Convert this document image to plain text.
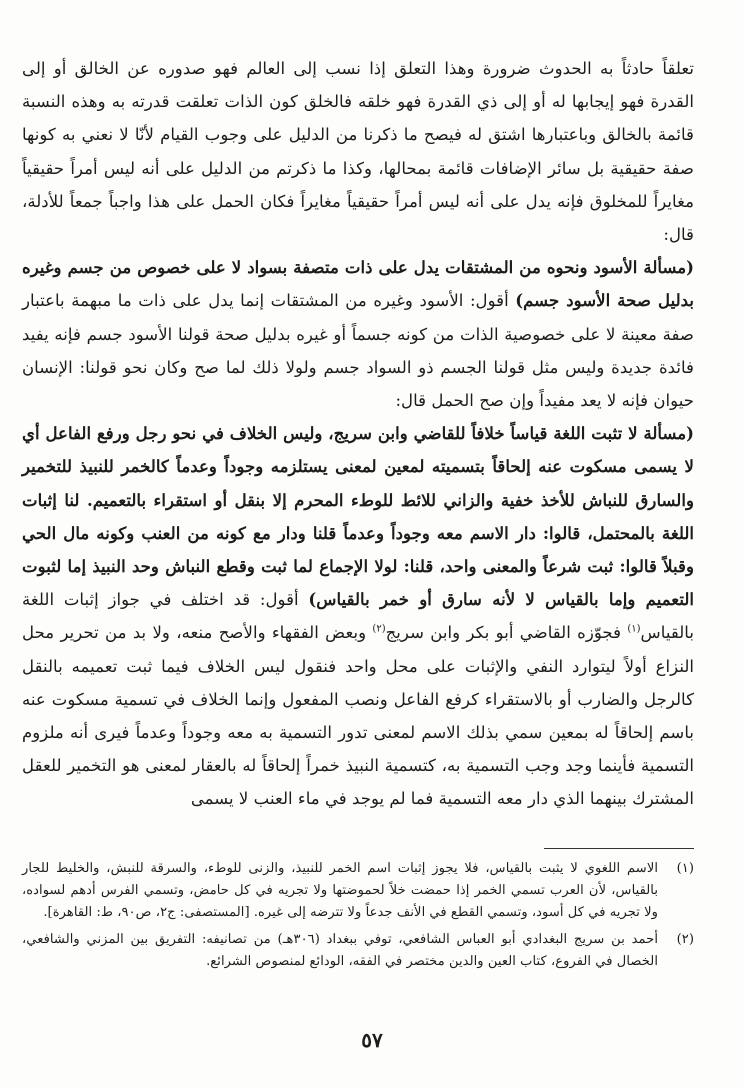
تعلقاً حادثاً به الحدوث ضرورة وهذا التعلق إذا نسب إلى العالم فهو صدوره عن الخالق أو إلى القدرة فهو إيجابها له أو إلى ذي القدرة فهو خلقه فالخلق كون الذات تعلقت قدرته به وهذه النسبة قائمة بالخالق وباعتبارها اشتق له فيصح ما ذكرنا من الدليل على وجوب القيام لأنّا لا نعني به كونها صفة حقيقية بل سائر الإضافات قائمة بمحالها، وكذا ما ذكرتم من الدليل على أنه ليس أمراً حقيقياً مغايراً للمخلوق فإنه يدل على أنه ليس أمراً حقيقياً مغايراً فكان الحمل على هذا واجباً جمعاً للأدلة، قال:

(مسألة الأسود ونحوه من المشتقات يدل على ذات متصفة بسواد لا على خصوص من جسم وغيره بدليل صحة الأسود جسم) أقول: الأسود وغيره من المشتقات إنما يدل على ذات ما مبهمة باعتبار صفة معينة لا على خصوصية الذات من كونه جسماً أو غيره بدليل صحة قولنا الأسود جسم فإنه يفيد فائدة جديدة وليس مثل قولنا الجسم ذو السواد جسم ولولا ذلك لما صح وكان نحو قولنا: الإنسان حيوان فإنه لا يعد مفيداً وإن صح الحمل قال:

(مسألة لا تثبت اللغة قياساً خلافاً للقاضي وابن سريج، وليس الخلاف في نحو رجل ورفع الفاعل أي لا يسمى مسكوت عنه إلحاقاً بتسميته لمعين لمعنى يستلزمه وجوداً وعدماً كالخمر للنبيذ للتخمير والسارق للنباش للأخذ خفية والزاني للائط للوطء المحرم إلا بنقل أو استقراء بالتعميم. لنا إثبات اللغة بالمحتمل، قالوا: دار الاسم معه وجوداً وعدماً قلنا ودار مع كونه من العنب وكونه مال الحي وقبلاً قالوا: ثبت شرعاً والمعنى واحد، قلنا: لولا الإجماع لما ثبت وقطع النباش وحد النبيذ إما لثبوت التعميم وإما بالقياس لا لأنه سارق أو خمر بالقياس) أقول: قد اختلف في جواز إثبات اللغة بالقياس$^{(١)}$ فجوّزه القاضي أبو بكر وابن سريج$^{(٢)}$ وبعض الفقهاء والأصح منعه، ولا بد من تحرير محل النزاع أولاً ليتوارد النفي والإثبات على محل واحد فنقول ليس الخلاف فيما ثبت تعميمه بالنقل كالرجل والضارب أو بالاستقراء كرفع الفاعل ونصب المفعول وإنما الخلاف في تسمية مسكوت عنه باسم إلحاقاً له بمعين سمي بذلك الاسم لمعنى تدور التسمية به معه وجوداً وعدماً فيرى أنه ملزوم التسمية فأينما وجد وجب التسمية به، كتسمية النبيذ خمراً إلحاقاً له بالعقار لمعنى هو التخمير للعقل المشترك بينهما الذي دار معه التسمية فما لم يوجد في ماء العنب لا يسمى

(١)
الاسم اللغوي لا يثبت بالقياس، فلا يجوز إثبات اسم الخمر للنبيذ، والزنى للوطء، والسرقة للنبش، والخليط للجار بالقياس، لأن العرب تسمي الخمر إذا حمضت خلاً لحموضتها ولا تجريه في كل حامض، وتسمي الفرس أدهم لسواده، ولا تجريه في كل أسود، وتسمي القطع في الأنف جدعاً ولا تترضه إلى غيره. [المستصفى: ج٢، ص٩٠، ط: القاهرة].
(٢)
أحمد بن سريج البغدادي أبو العباس الشافعي، توفي ببغداد (٣٠٦هـ) من تصانيفه: التفريق بين المزني والشافعي، الخصال في الفروع، كتاب العين والدين مختصر في الفقه، الودائع لمنصوص الشرائع.
٥٧
